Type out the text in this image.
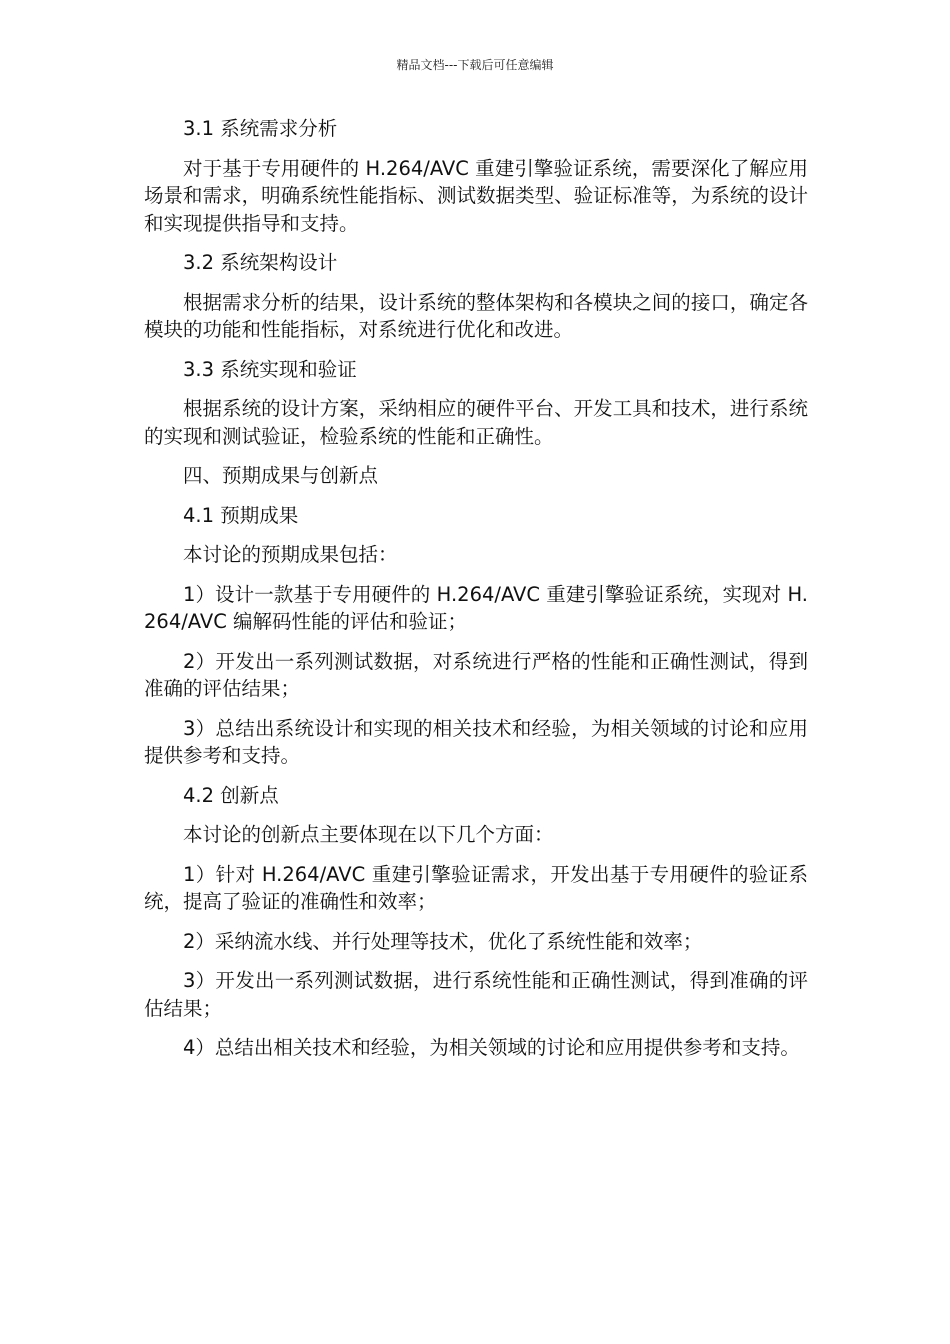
精品文档---下载后可任意编辑

3.1 系统需求分析

对于基于专用硬件的 H.264/AVC 重建引擎验证系统，需要深化了解应用场景和需求，明确系统性能指标、测试数据类型、验证标准等，为系统的设计和实现提供指导和支持。

3.2 系统架构设计

根据需求分析的结果，设计系统的整体架构和各模块之间的接口，确定各模块的功能和性能指标，对系统进行优化和改进。

3.3 系统实现和验证

根据系统的设计方案，采纳相应的硬件平台、开发工具和技术，进行系统的实现和测试验证，检验系统的性能和正确性。

四、预期成果与创新点

4.1 预期成果

本讨论的预期成果包括：

1）设计一款基于专用硬件的 H.264/AVC 重建引擎验证系统，实现对 H.264/AVC 编解码性能的评估和验证；

2）开发出一系列测试数据，对系统进行严格的性能和正确性测试，得到准确的评估结果；

3）总结出系统设计和实现的相关技术和经验，为相关领域的讨论和应用提供参考和支持。

4.2 创新点

本讨论的创新点主要体现在以下几个方面：

1）针对 H.264/AVC 重建引擎验证需求，开发出基于专用硬件的验证系统，提高了验证的准确性和效率；

2）采纳流水线、并行处理等技术，优化了系统性能和效率；

3）开发出一系列测试数据，进行系统性能和正确性测试，得到准确的评估结果；

4）总结出相关技术和经验，为相关领域的讨论和应用提供参考和支持。
